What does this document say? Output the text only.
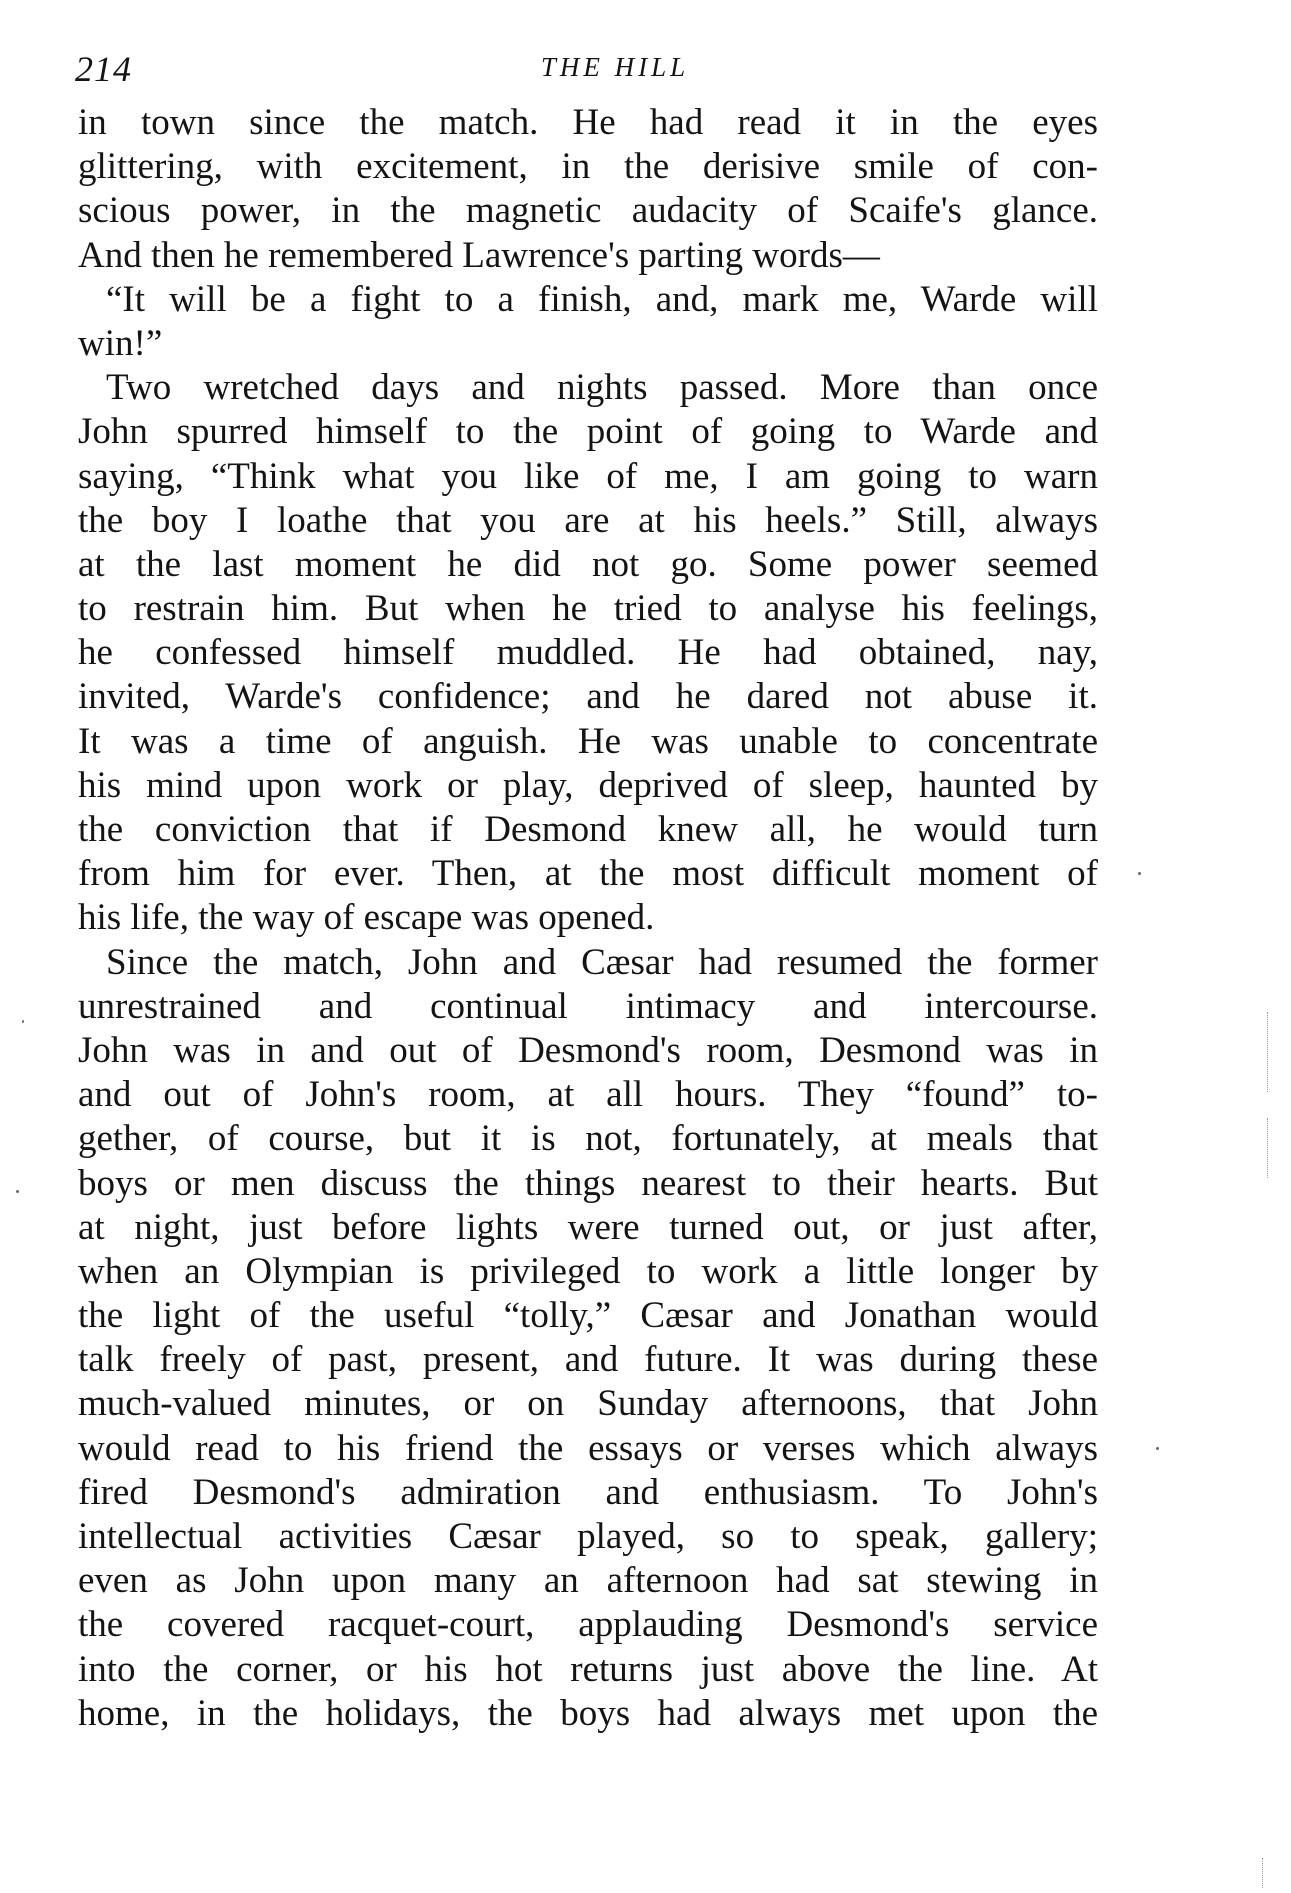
214	THE HILL
in town since the match. He had read it in the eyes
glittering, with excitement, in the derisive smile of con-
scious power, in the magnetic audacity of Scaife's glance.
And then he remembered Lawrence's parting words—
“It will be a fight to a finish, and, mark me, Warde will
win!”
Two wretched days and nights passed. More than once
John spurred himself to the point of going to Warde and
saying, “Think what you like of me, I am going to warn
the boy I loathe that you are at his heels.” Still, always
at the last moment he did not go. Some power seemed
to restrain him. But when he tried to analyse his feelings,
he confessed himself muddled. He had obtained, nay,
invited, Warde's confidence; and he dared not abuse it.
It was a time of anguish. He was unable to concentrate
his mind upon work or play, deprived of sleep, haunted by
the conviction that if Desmond knew all, he would turn
from him for ever. Then, at the most difficult moment of
his life, the way of escape was opened.
Since the match, John and Cæsar had resumed the former
unrestrained and continual intimacy and intercourse.
John was in and out of Desmond's room, Desmond was in
and out of John's room, at all hours. They “found” to-
gether, of course, but it is not, fortunately, at meals that
boys or men discuss the things nearest to their hearts. But
at night, just before lights were turned out, or just after,
when an Olympian is privileged to work a little longer by
the light of the useful “tolly,” Cæsar and Jonathan would
talk freely of past, present, and future. It was during these
much-valued minutes, or on Sunday afternoons, that John
would read to his friend the essays or verses which always
fired Desmond's admiration and enthusiasm. To John's
intellectual activities Cæsar played, so to speak, gallery;
even as John upon many an afternoon had sat stewing in
the covered racquet-court, applauding Desmond's service
into the corner, or his hot returns just above the line. At
home, in the holidays, the boys had always met upon the
